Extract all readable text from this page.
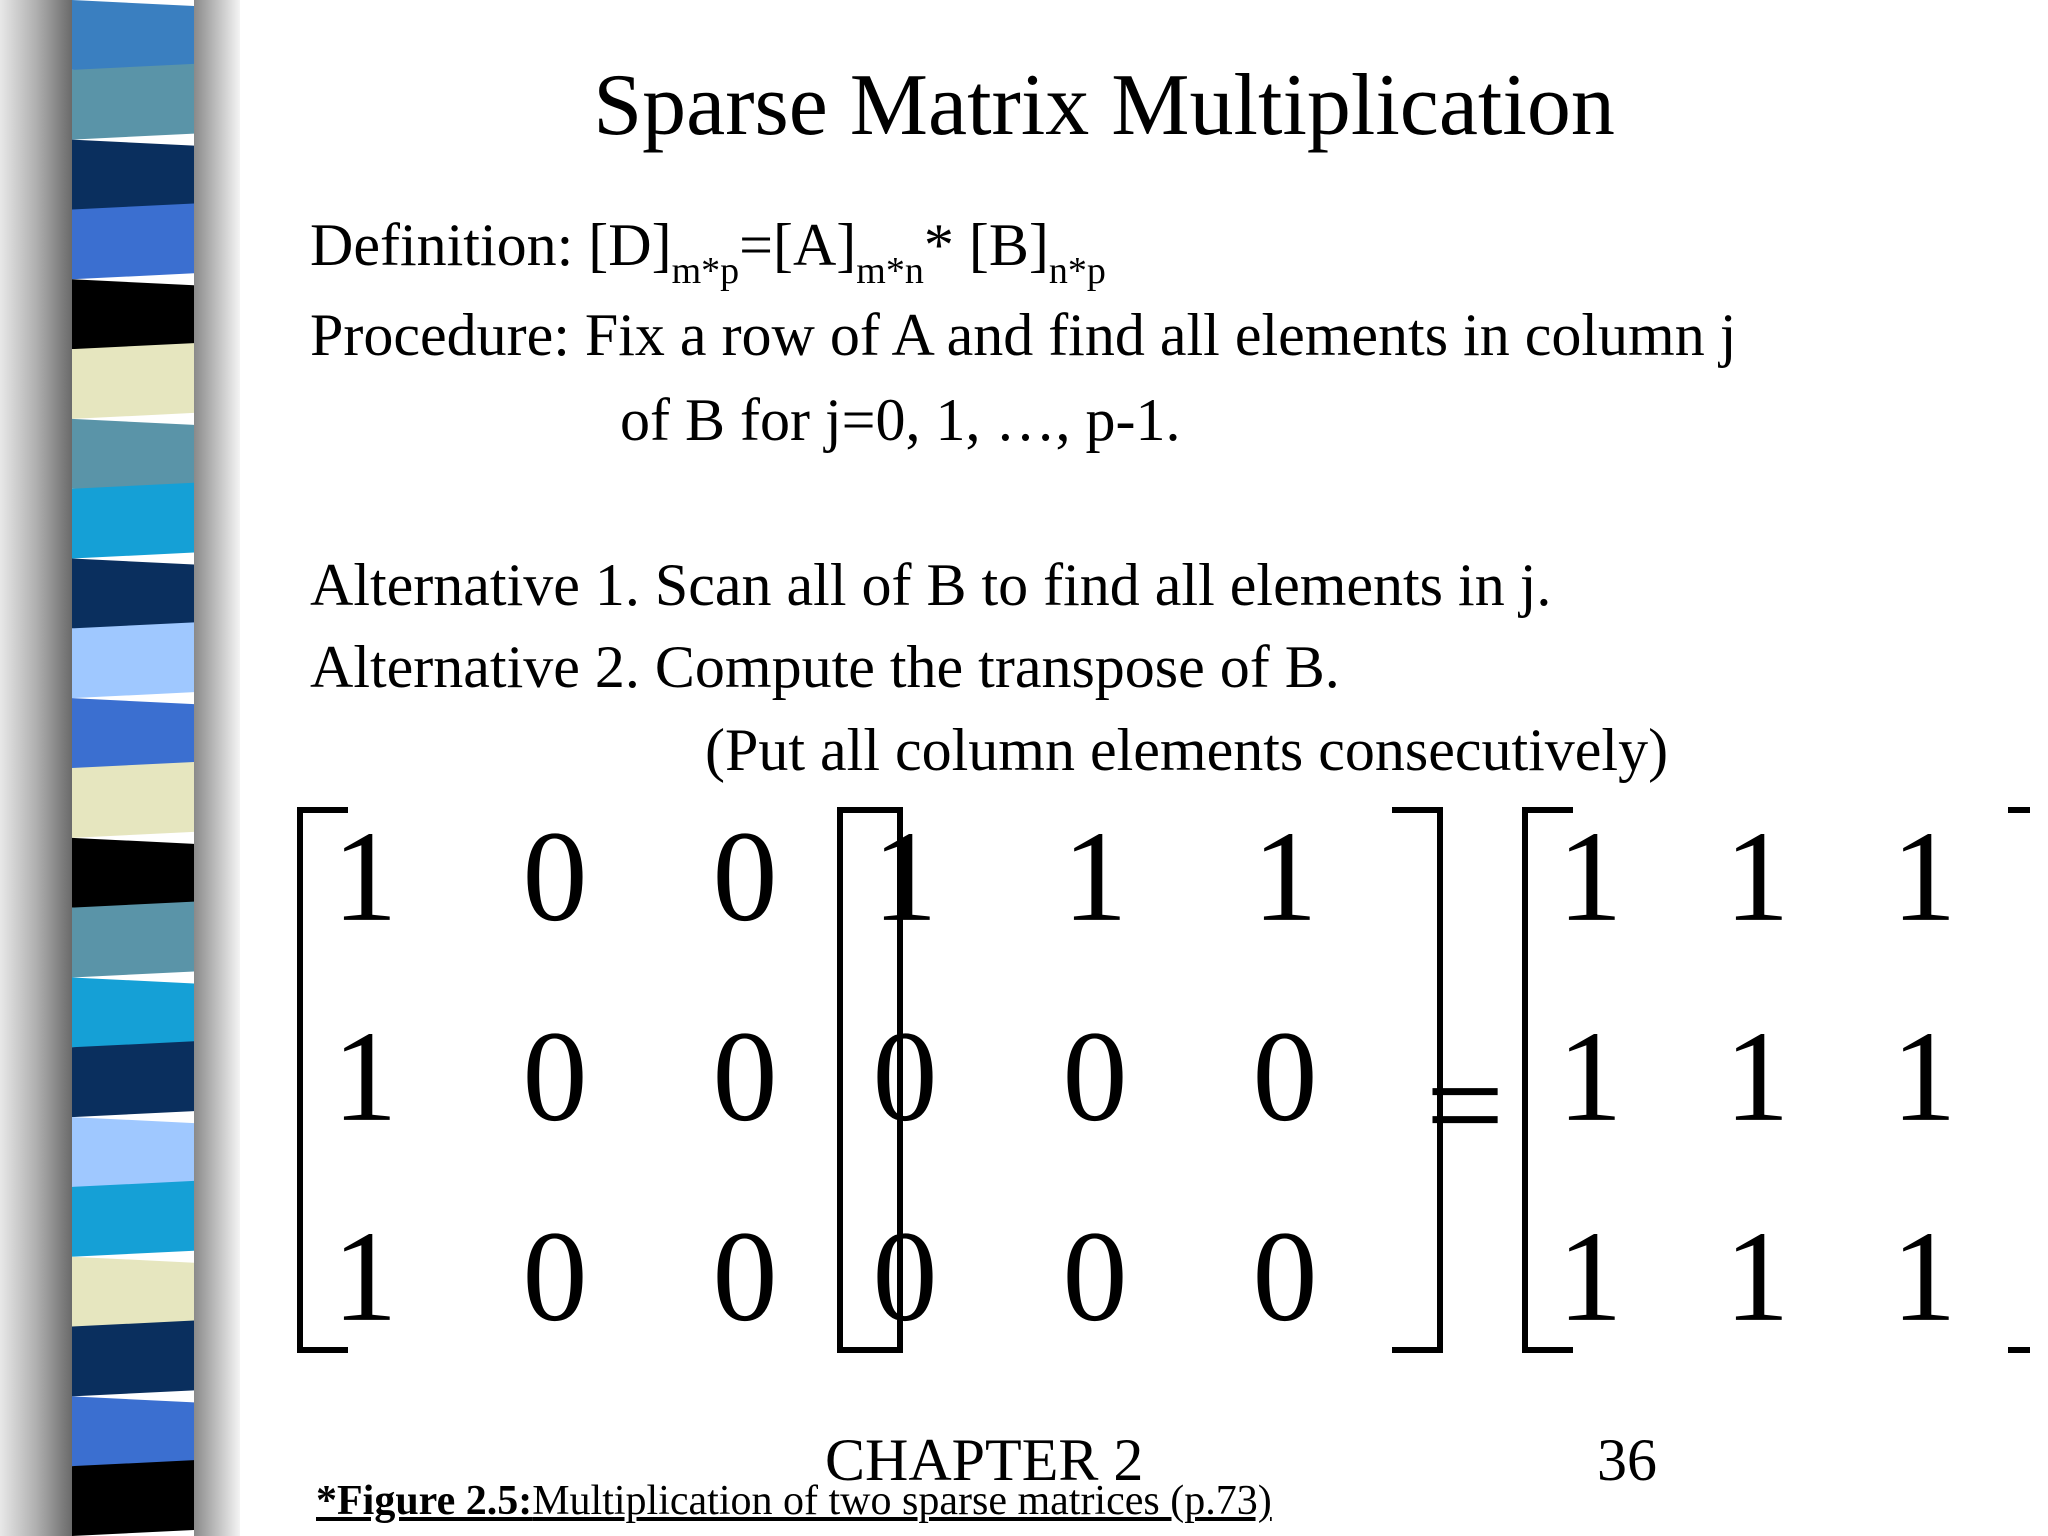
Sparse Matrix Multiplication
Definition: $[D]_{m*p}=[A]_{m*n}*$ $[B]_{n*p}$
Procedure: Fix a row of A and find all elements in column j
of B for j=0, 1, …, p-1.
Alternative 1. Scan all of B to find all elements in j.
Alternative 2. Compute the transpose of B.
(Put all column elements consecutively)
1 0 0
1 0 0
1 0 0
1 1 1
0 0 0
0 0 0
=
1 1 1
1 1 1
1 1 1
CHAPTER 2	36
*Figure 2.5:Multiplication of two sparse matrices (p.73)
